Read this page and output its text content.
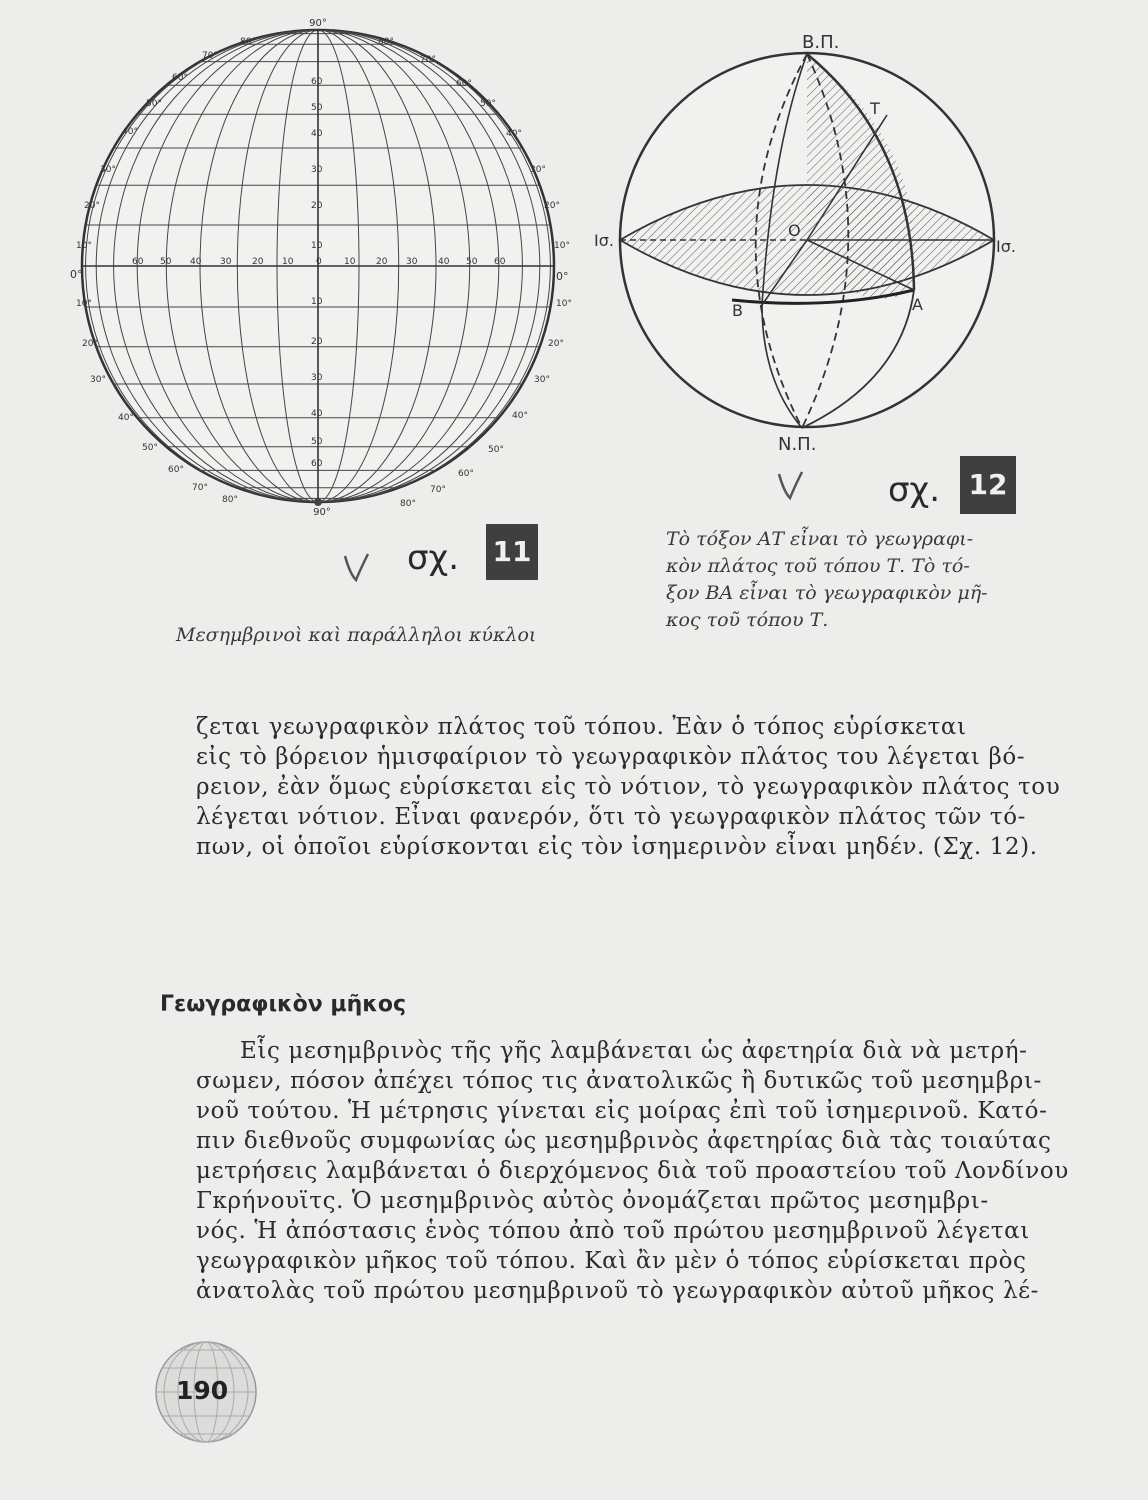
90°
90°
80°	80°
70°	70°
60°
60°
50°	50°
40°	40°
30°	30°
20°	20°
10°	10°
0°	0°
10°	10°
20°	20°
30°	30°
40°	40°
50°	50°
60°	60°
70°	70°
80°	80°
60
50
40
30
20
10
10
20
30
40
50
60
60 50 40 30 20 10	0 10 20 30 40 50 60
σχ. 11
Μεσημβρινοὶ καὶ παράλληλοι κύκλοι
Β.Π.
Τ
Ο
Β	Α
Ισ.	Ισ.
Ν.Π.
σχ.	12
Τὸ τόξον ΑΤ εἶναι τὸ γεωγραφι-
κὸν πλάτος τοῦ τόπου Τ. Τὸ τό-
ξον ΒΑ εἶναι τὸ γεωγραφικὸν μῆ-
κος τοῦ τόπου Τ.
ζεται γεωγραφικὸν πλάτος τοῦ τόπου. Ἐὰν ὁ τόπος εὑρίσκεται
εἰς τὸ βόρειον ἡμισφαίριον τὸ γεωγραφικὸν πλάτος του λέγεται βό-
ρειον, ἐὰν ὅμως εὑρίσκεται εἰς τὸ νότιον, τὸ γεωγραφικὸν πλάτος του
λέγεται νότιον. Εἶναι φανερόν, ὅτι τὸ γεωγραφικὸν πλάτος τῶν τό-
πων, οἱ ὁποῖοι εὑρίσκονται εἰς τὸν ἰσημερινὸν εἶναι μηδέν. (Σχ. 12).
Γεωγραφικὸν μῆκος
Εἷς μεσημβρινὸς τῆς γῆς λαμβάνεται ὡς ἀφετηρία διὰ νὰ μετρή-
σωμεν, πόσον ἀπέχει τόπος τις ἀνατολικῶς ἢ δυτικῶς τοῦ μεσημβρι-
νοῦ τούτου. Ἡ μέτρησις γίνεται εἰς μοίρας ἐπὶ τοῦ ἰσημερινοῦ. Κατό-
πιν διεθνοῦς συμφωνίας ὡς μεσημβρινὸς ἀφετηρίας διὰ τὰς τοιαύτας
μετρήσεις λαμβάνεται ὁ διερχόμενος διὰ τοῦ προαστείου τοῦ Λονδίνου
Γκρήνουϊτς. Ὁ μεσημβρινὸς αὐτὸς ὀνομάζεται πρῶτος μεσημβρι-
νός. Ἡ ἀπόστασις ἑνὸς τόπου ἀπὸ τοῦ πρώτου μεσημβρινοῦ λέγεται
γεωγραφικὸν μῆκος τοῦ τόπου. Καὶ ἂν μὲν ὁ τόπος εὑρίσκεται πρὸς
ἀνατολὰς τοῦ πρώτου μεσημβρινοῦ τὸ γεωγραφικὸν αὐτοῦ μῆκος λέ-
190
